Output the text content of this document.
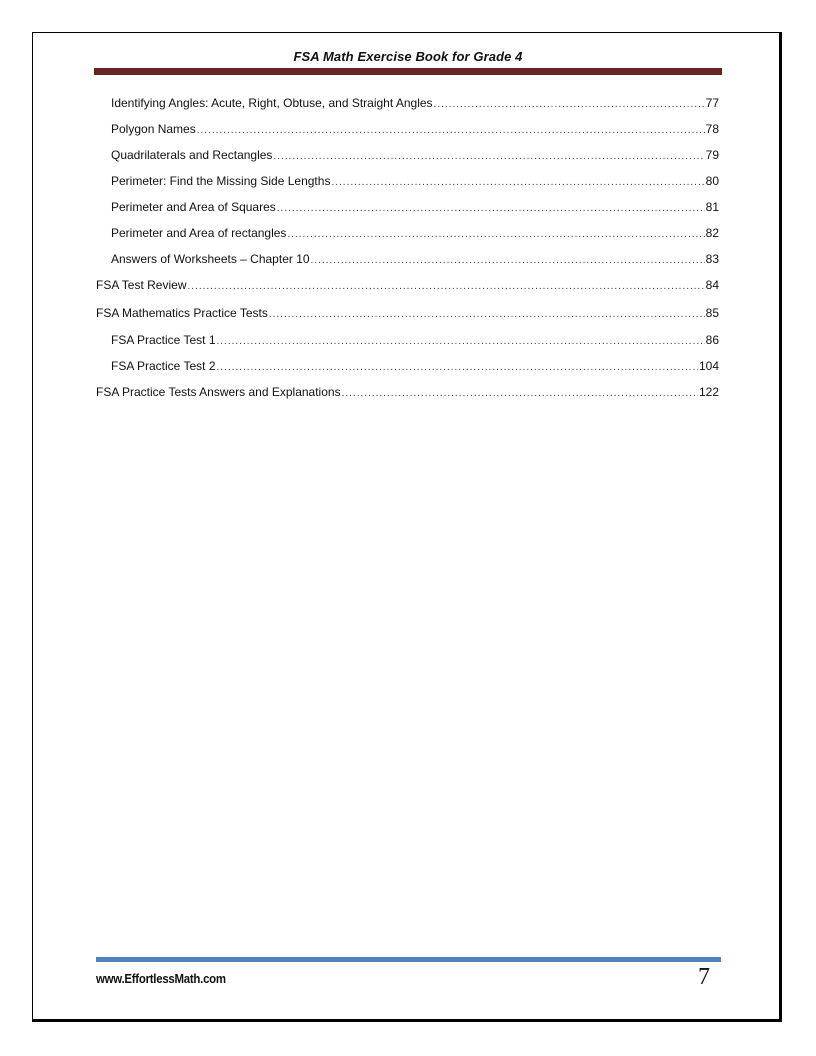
FSA Math Exercise Book for Grade 4
Identifying Angles: Acute, Right, Obtuse, and Straight Angles .....	77
Polygon Names .....	78
Quadrilaterals and Rectangles .....	79
Perimeter: Find the Missing Side Lengths .....	80
Perimeter and Area of Squares .....	81
Perimeter and Area of rectangles .....	82
Answers of Worksheets – Chapter 10 .....	83
FSA Test Review .....	84
FSA Mathematics Practice Tests .....	85
FSA Practice Test 1 .....	86
FSA Practice Test 2 .....	104
FSA Practice Tests Answers and Explanations .....	122
www.EffortlessMath.com	7
